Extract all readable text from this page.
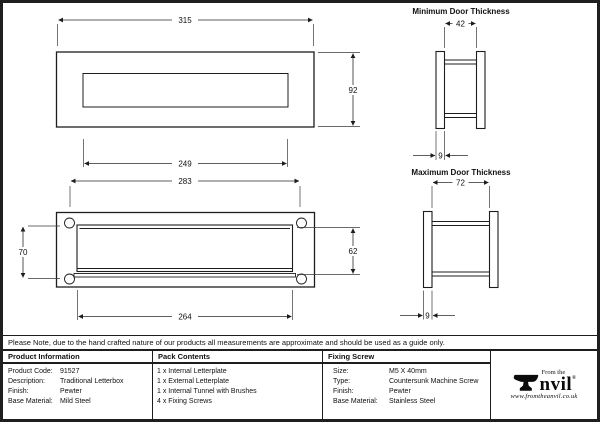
315
92
249
283
70	62
264
Minimum Door Thickness
42
9
Maximum Door Thickness
72
9
Please Note, due to the hand crafted nature of our products all measurements are approximate and should be used as a guide only.
Product Information
Product Code:	91527
Description:	Traditional Letterbox
Finish:	Pewter
Base Material:	Mild Steel
Pack Contents
1 x Internal Letterplate
1 x External Letterplate
1 x Internal Tunnel with Brushes
4 x Fixing Screws
Fixing Screw
Size:	M5 X 40mm
Type:	Countersunk Machine Screw
Finish:	Pewter
Base Material:	Stainless Steel
From the
nvil®
www.fromtheanvil.co.uk
